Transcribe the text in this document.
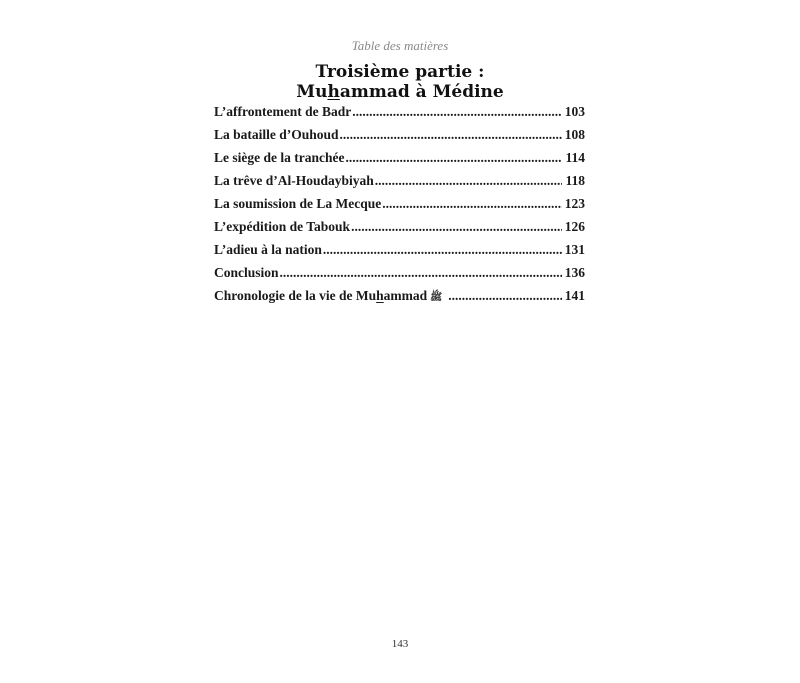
Table des matières
Troisième partie :
Muhammad à Médine
L’affrontement de Badr .....	103
La bataille d’Ouhoud .....	108
Le siège de la tranchée .....	114
La trêve d’Al-Houdaybiyah .....	118
La soumission de La Mecque .....	123
L’expédition de Tabouk .....	126
L’adieu à la nation .....	131
Conclusion .....	136
Chronologie de la vie de Muhammad ﷺ .....	141
143
